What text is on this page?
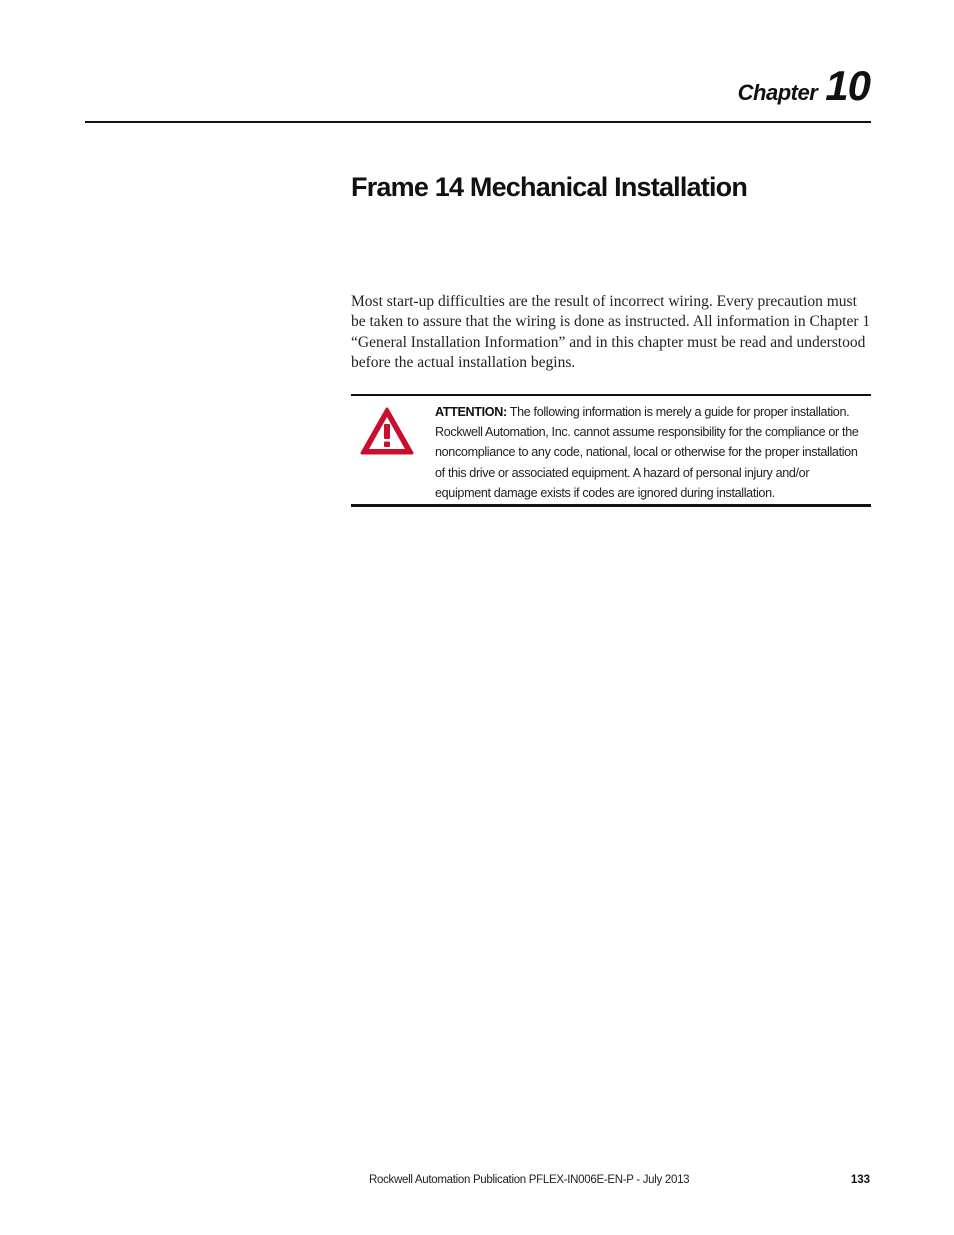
Chapter 10
Frame 14 Mechanical Installation

Most start-up difficulties are the result of incorrect wiring. Every precaution must be taken to assure that the wiring is done as instructed. All information in Chapter 1 “General Installation Information” and in this chapter must be read and understood before the actual installation begins.

ATTENTION: The following information is merely a guide for proper installation. Rockwell Automation, Inc. cannot assume responsibility for the compliance or the noncompliance to any code, national, local or otherwise for the proper installation of this drive or associated equipment. A hazard of personal injury and/or equipment damage exists if codes are ignored during installation.

Rockwell Automation Publication PFLEX-IN006E-EN-P - July 2013	133
